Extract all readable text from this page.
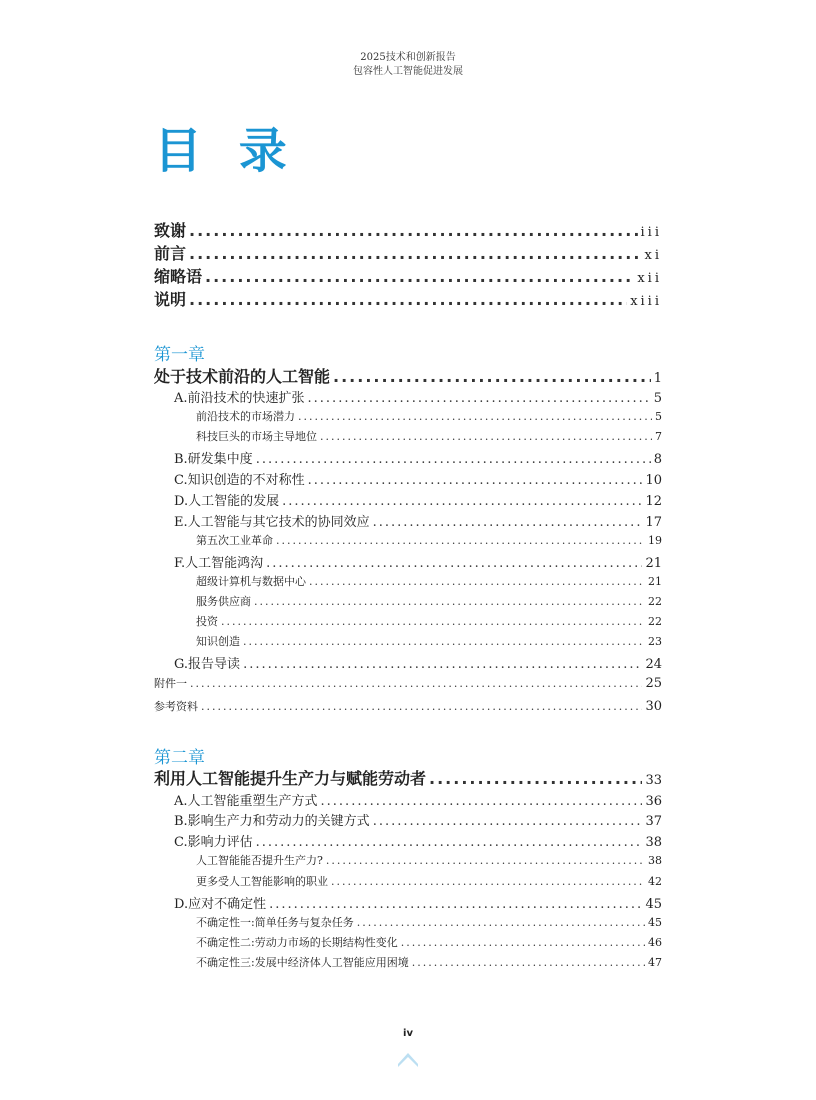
2025技术和创新报告
包容性人工智能促进发展
目 录
致谢 .....	iii
前言 .....	xi
缩略语 .....	xii
说明 .....	xiii
第一章
处于技术前沿的人工智能 .....	1
A.前沿技术的快速扩张 .....	5
前沿技术的市场潜力 .....	5
科技巨头的市场主导地位 .....	7
B.研发集中度 .....	8
C.知识创造的不对称性 .....	10
D.人工智能的发展 .....	12
E.人工智能与其它技术的协同效应 .....	17
第五次工业革命 .....	19
F.人工智能鸿沟 .....	21
超级计算机与数据中心 .....	21
服务供应商 .....	22
投资 .....	22
知识创造 .....	23
G.报告导读 .....	24
附件一 .....	25
参考资料 .....	30
第二章
利用人工智能提升生产力与赋能劳动者 .....	33
A.人工智能重塑生产方式 .....	36
B.影响生产力和劳动力的关键方式 .....	37
C.影响力评估 .....	38
人工智能能否提升生产力? .....	38
更多受人工智能影响的职业 .....	42
D.应对不确定性 .....	45
不确定性一:简单任务与复杂任务 .....	45
不确定性二:劳动力市场的长期结构性变化 .....	46
不确定性三:发展中经济体人工智能应用困境 .....	47
iv
